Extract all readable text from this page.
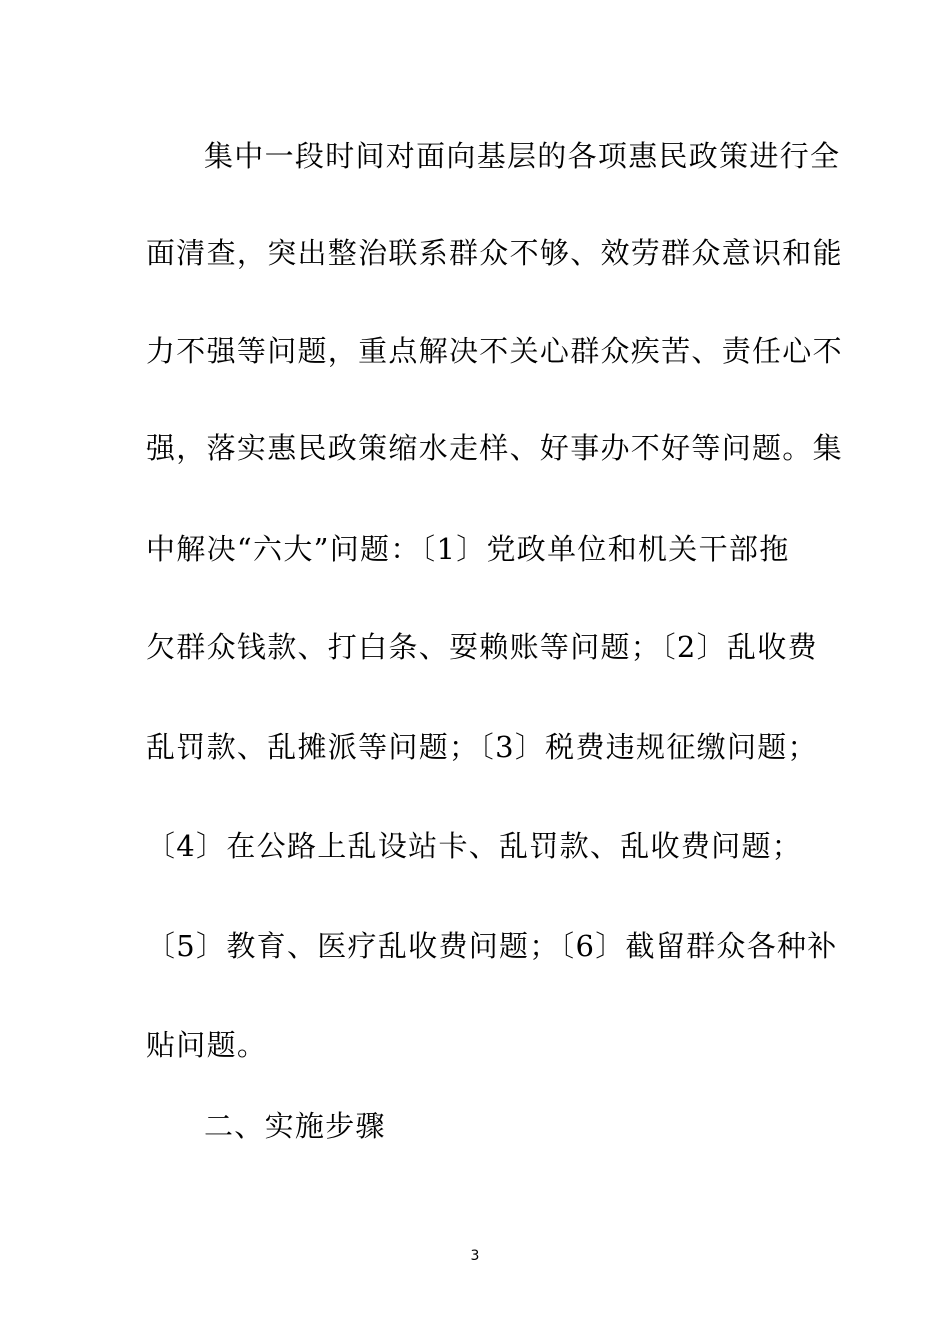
集中一段时间对面向基层的各项惠民政策进行全
面清查，突出整治联系群众不够、效劳群众意识和能
力不强等问题，重点解决不关心群众疾苦、责任心不
强，落实惠民政策缩水走样、好事办不好等问题。集
中解决“六大”问题：〔1〕党政单位和机关干部拖
欠群众钱款、打白条、耍赖账等问题；〔2〕乱收费
乱罚款、乱摊派等问题；〔3〕税费违规征缴问题；
〔4〕在公路上乱设站卡、乱罚款、乱收费问题；
〔5〕教育、医疗乱收费问题；〔6〕截留群众各种补
贴问题。
二、实施步骤
3
